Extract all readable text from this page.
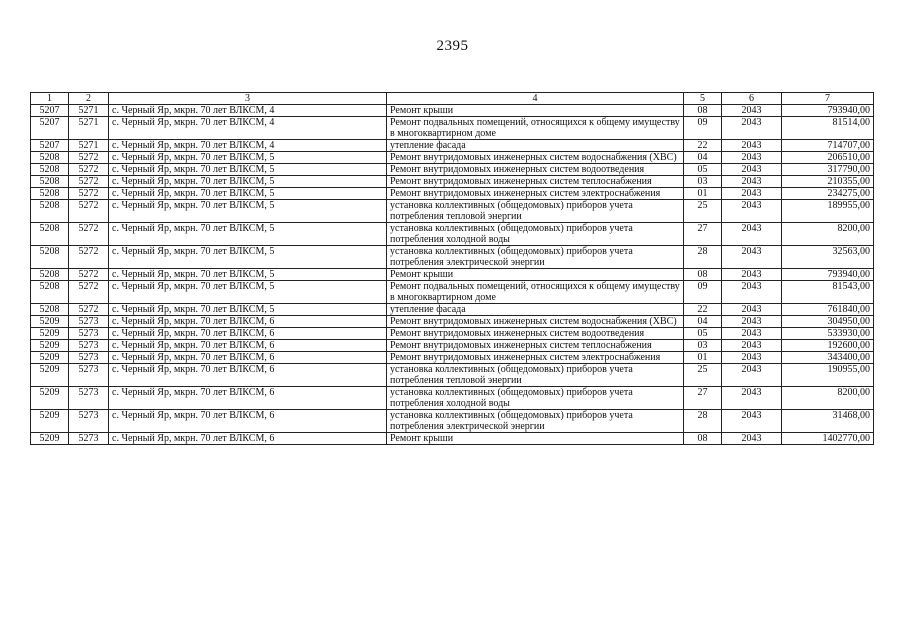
2395
1	2	3	4	5	6	7
5207	5271	с. Черный Яр, мкрн. 70 лет ВЛКСМ, 4	Ремонт крыши	08	2043	793940,00
5207	5271	с. Черный Яр, мкрн. 70 лет ВЛКСМ, 4	Ремонт подвальных помещений, относящихся к общему имуществу в многоквартирном доме	09	2043	81514,00
5207	5271	с. Черный Яр, мкрн. 70 лет ВЛКСМ, 4	утепление фасада	22	2043	714707,00
5208	5272	с. Черный Яр, мкрн. 70 лет ВЛКСМ, 5	Ремонт внутридомовых инженерных систем водоснабжения (ХВС)	04	2043	206510,00
5208	5272	с. Черный Яр, мкрн. 70 лет ВЛКСМ, 5	Ремонт внутридомовых инженерных систем водоотведения	05	2043	317790,00
5208	5272	с. Черный Яр, мкрн. 70 лет ВЛКСМ, 5	Ремонт внутридомовых инженерных систем теплоснабжения	03	2043	210355,00
5208	5272	с. Черный Яр, мкрн. 70 лет ВЛКСМ, 5	Ремонт внутридомовых инженерных систем электроснабжения	01	2043	234275,00
5208	5272	с. Черный Яр, мкрн. 70 лет ВЛКСМ, 5	установка коллективных (общедомовых) приборов учета потребления тепловой энергии	25	2043	189955,00
5208	5272	с. Черный Яр, мкрн. 70 лет ВЛКСМ, 5	установка коллективных (общедомовых) приборов учета потребления холодной воды	27	2043	8200,00
5208	5272	с. Черный Яр, мкрн. 70 лет ВЛКСМ, 5	установка коллективных (общедомовых) приборов учета потребления электрической энергии	28	2043	32563,00
5208	5272	с. Черный Яр, мкрн. 70 лет ВЛКСМ, 5	Ремонт крыши	08	2043	793940,00
5208	5272	с. Черный Яр, мкрн. 70 лет ВЛКСМ, 5	Ремонт подвальных помещений, относящихся к общему имуществу в многоквартирном доме	09	2043	81543,00
5208	5272	с. Черный Яр, мкрн. 70 лет ВЛКСМ, 5	утепление фасада	22	2043	761840,00
5209	5273	с. Черный Яр, мкрн. 70 лет ВЛКСМ, 6	Ремонт внутридомовых инженерных систем водоснабжения (ХВС)	04	2043	304950,00
5209	5273	с. Черный Яр, мкрн. 70 лет ВЛКСМ, 6	Ремонт внутридомовых инженерных систем водоотведения	05	2043	533930,00
5209	5273	с. Черный Яр, мкрн. 70 лет ВЛКСМ, 6	Ремонт внутридомовых инженерных систем теплоснабжения	03	2043	192600,00
5209	5273	с. Черный Яр, мкрн. 70 лет ВЛКСМ, 6	Ремонт внутридомовых инженерных систем электроснабжения	01	2043	343400,00
5209	5273	с. Черный Яр, мкрн. 70 лет ВЛКСМ, 6	установка коллективных (общедомовых) приборов учета потребления тепловой энергии	25	2043	190955,00
5209	5273	с. Черный Яр, мкрн. 70 лет ВЛКСМ, 6	установка коллективных (общедомовых) приборов учета потребления холодной воды	27	2043	8200,00
5209	5273	с. Черный Яр, мкрн. 70 лет ВЛКСМ, 6	установка коллективных (общедомовых) приборов учета потребления электрической энергии	28	2043	31468,00
5209	5273	с. Черный Яр, мкрн. 70 лет ВЛКСМ, 6	Ремонт крыши	08	2043	1402770,00
